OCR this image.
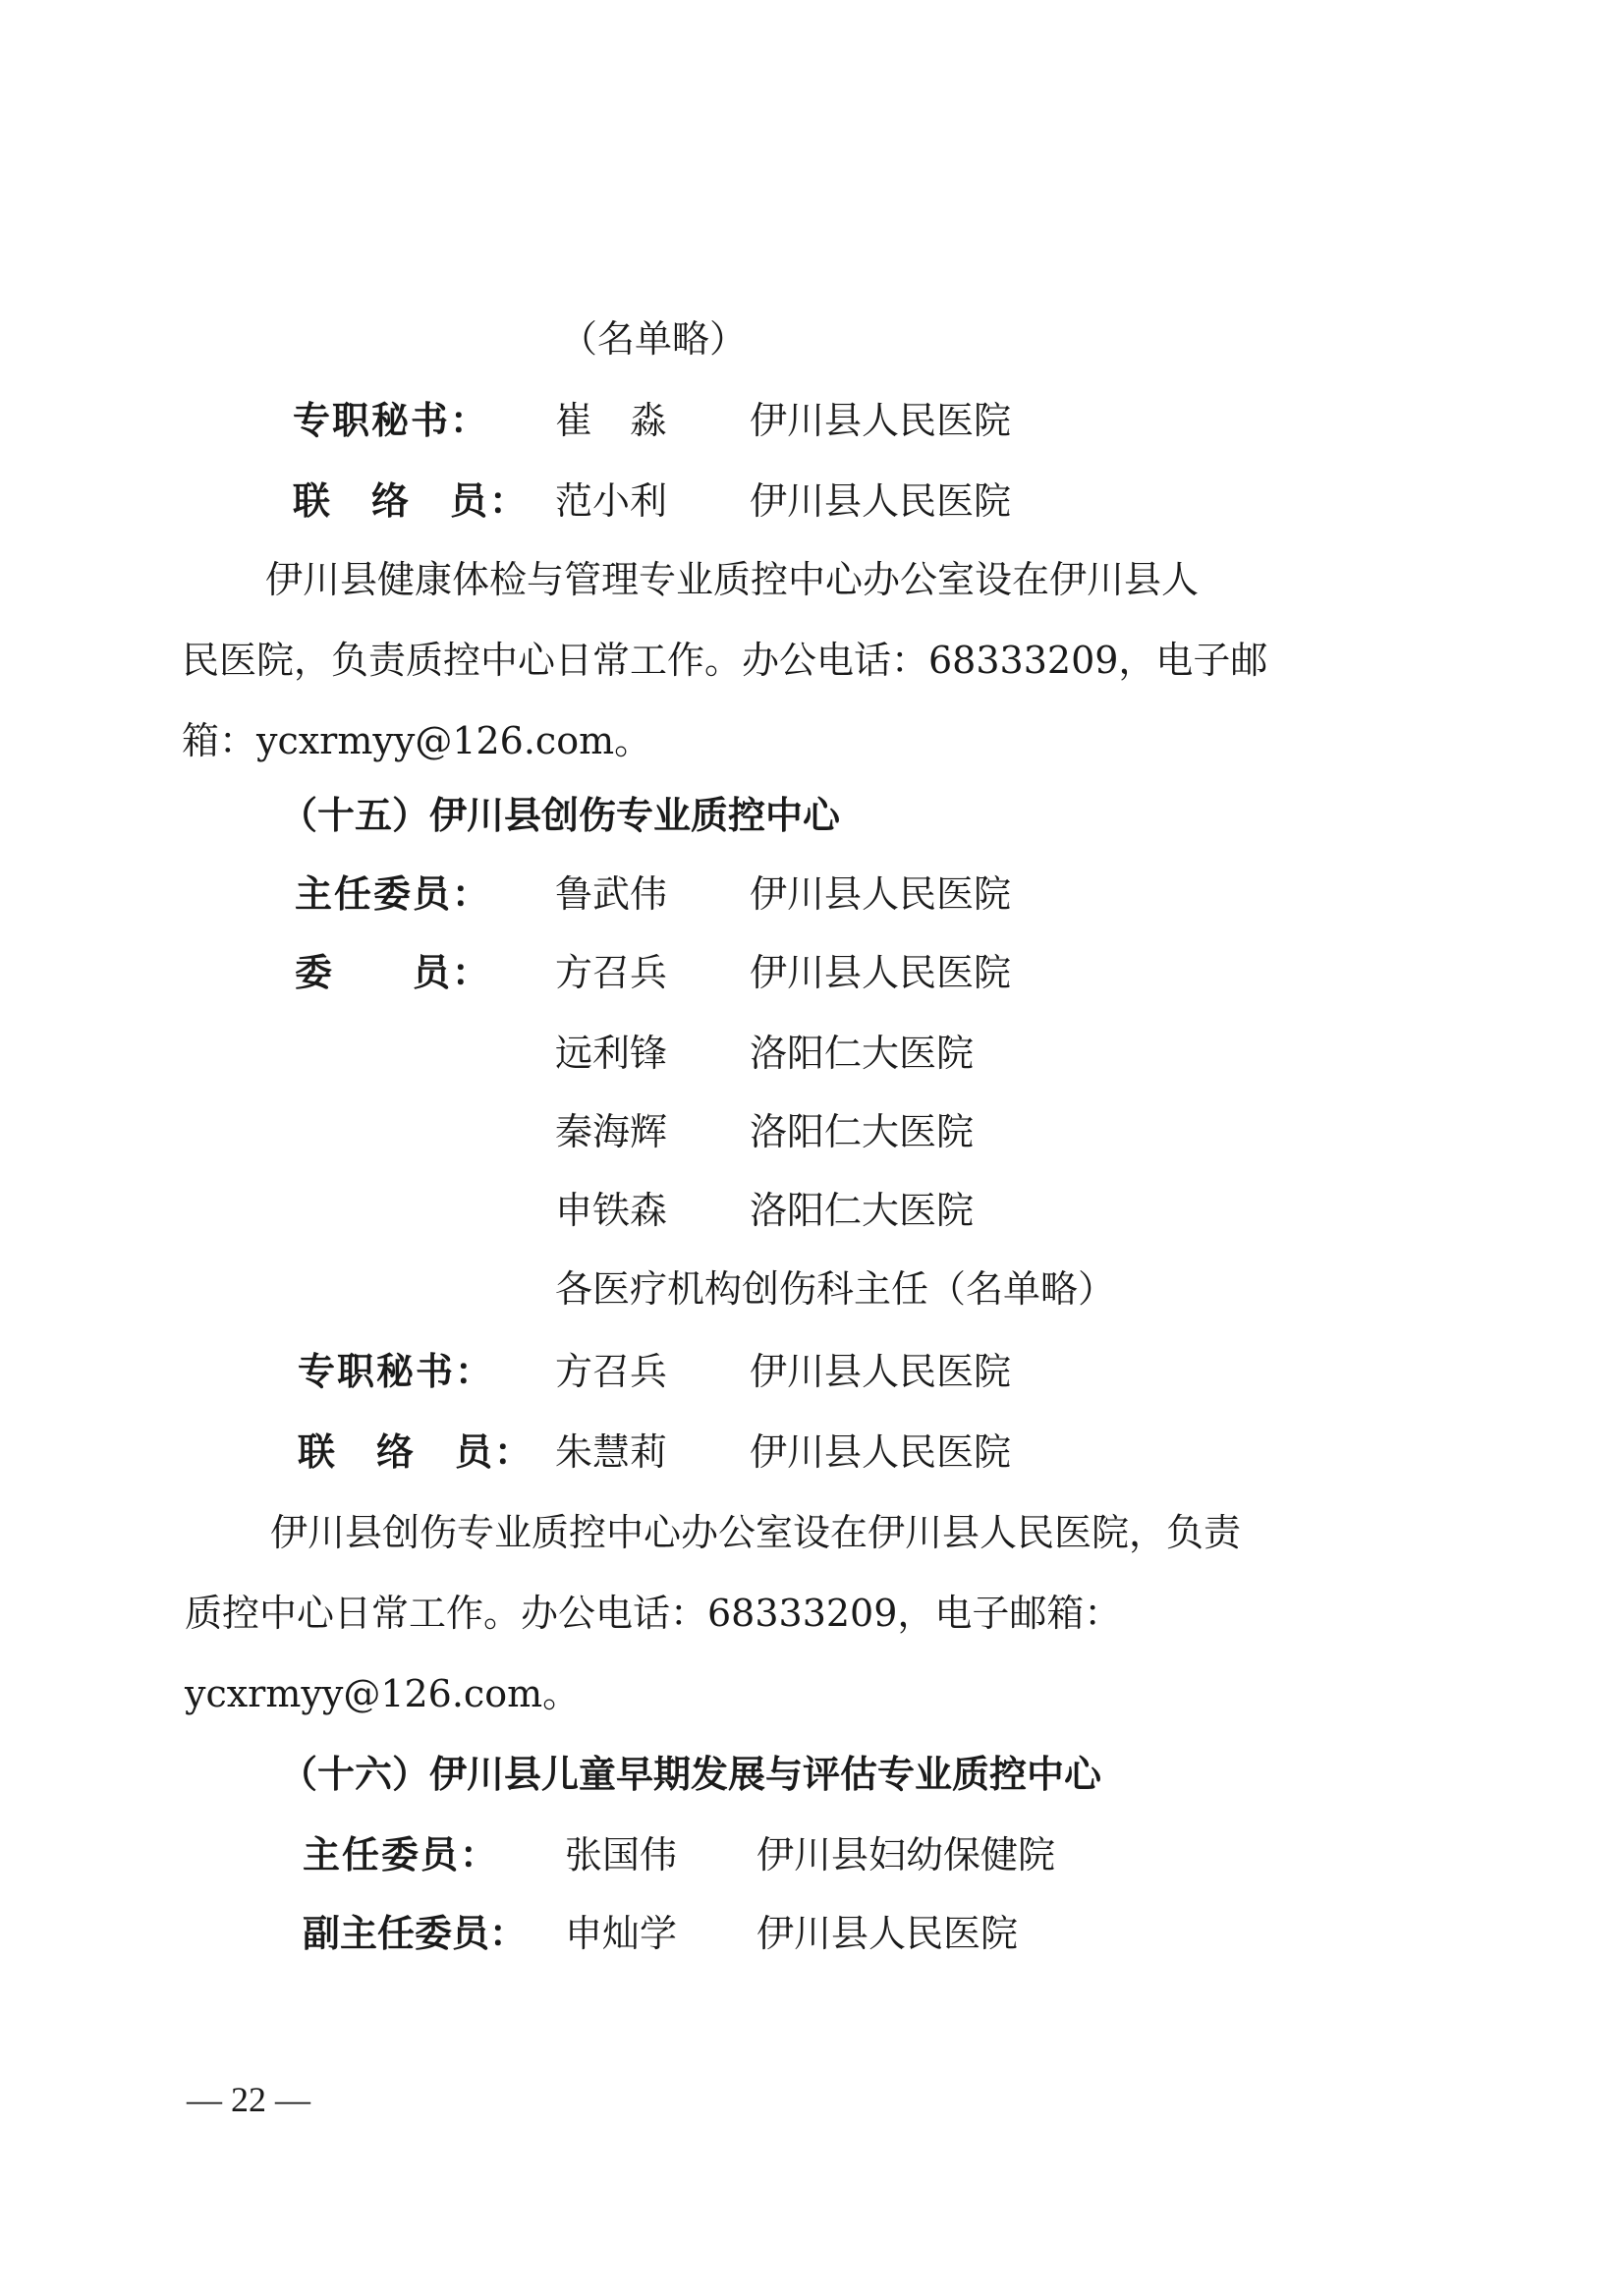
（名单略）
专职秘书： 崔　淼 伊川县人民医院
联　络　员： 范小利 伊川县人民医院
伊川县健康体检与管理专业质控中心办公室设在伊川县人
民医院，负责质控中心日常工作。办公电话：68333209，电子邮
箱：ycxrmyy@126.com。
（十五）伊川县创伤专业质控中心
主任委员： 鲁武伟 伊川县人民医院
委　　员： 方召兵 伊川县人民医院
远利锋 洛阳仁大医院
秦海辉 洛阳仁大医院
申铁森 洛阳仁大医院
各医疗机构创伤科主任（名单略）
专职秘书： 方召兵 伊川县人民医院
联　络　员： 朱慧莉 伊川县人民医院
伊川县创伤专业质控中心办公室设在伊川县人民医院，负责
质控中心日常工作。办公电话：68333209，电子邮箱：
ycxrmyy@126.com。
（十六）伊川县儿童早期发展与评估专业质控中心
主任委员： 张国伟 伊川县妇幼保健院
副主任委员： 申灿学 伊川县人民医院
— 22 —
